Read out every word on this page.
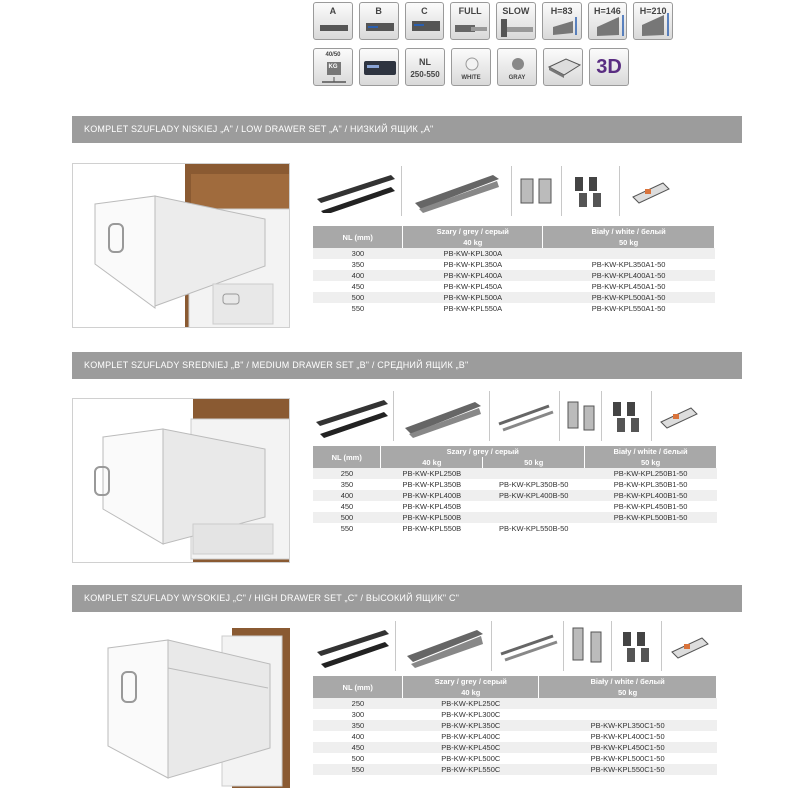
A	B	C	FULL	SLOW	H=83	H=146	H=210
40/50
KG	NL
250-550	WHITE	GRAY	3D
KOMPLET SZUFLADY NISKIEJ „A" / LOW DRAWER SET „A" / НИЗКИЙ ЯЩИК „A"
NL (mm)	Szary / grey / серый	Biały / white / белый
	40 kg	50 kg
300	PB-KW-KPL300A	
350	PB-KW-KPL350A	PB-KW-KPL350A1-50
400	PB-KW-KPL400A	PB-KW-KPL400A1-50
450	PB-KW-KPL450A	PB-KW-KPL450A1-50
500	PB-KW-KPL500A	PB-KW-KPL500A1-50
550	PB-KW-KPL550A	PB-KW-KPL550A1-50
KOMPLET SZUFLADY SREDNIEJ „B" / MEDIUM DRAWER SET „B" / СРЕДНИЙ ЯЩИК „B"
NL (mm)	Szary / grey / серый		Biały / white / белый
	40 kg	50 kg	50 kg
250	PB-KW-KPL250B		PB-KW-KPL250B1-50
350	PB-KW-KPL350B	PB-KW-KPL350B-50	PB-KW-KPL350B1-50
400	PB-KW-KPL400B	PB-KW-KPL400B-50	PB-KW-KPL400B1-50
450	PB-KW-KPL450B		PB-KW-KPL450B1-50
500	PB-KW-KPL500B		PB-KW-KPL500B1-50
550	PB-KW-KPL550B	PB-KW-KPL550B-50	
KOMPLET SZUFLADY WYSOKIEJ „C" / HIGH DRAWER SET „C" / ВЫСОКИЙ ЯЩИК" C"
NL (mm)	Szary / grey / серый	Biały / white / белый
	40 kg	50 kg
250	PB-KW-KPL250C	
300	PB-KW-KPL300C	
350	PB-KW-KPL350C	PB-KW-KPL350C1-50
400	PB-KW-KPL400C	PB-KW-KPL400C1-50
450	PB-KW-KPL450C	PB-KW-KPL450C1-50
500	PB-KW-KPL500C	PB-KW-KPL500C1-50
550	PB-KW-KPL550C	PB-KW-KPL550C1-50
